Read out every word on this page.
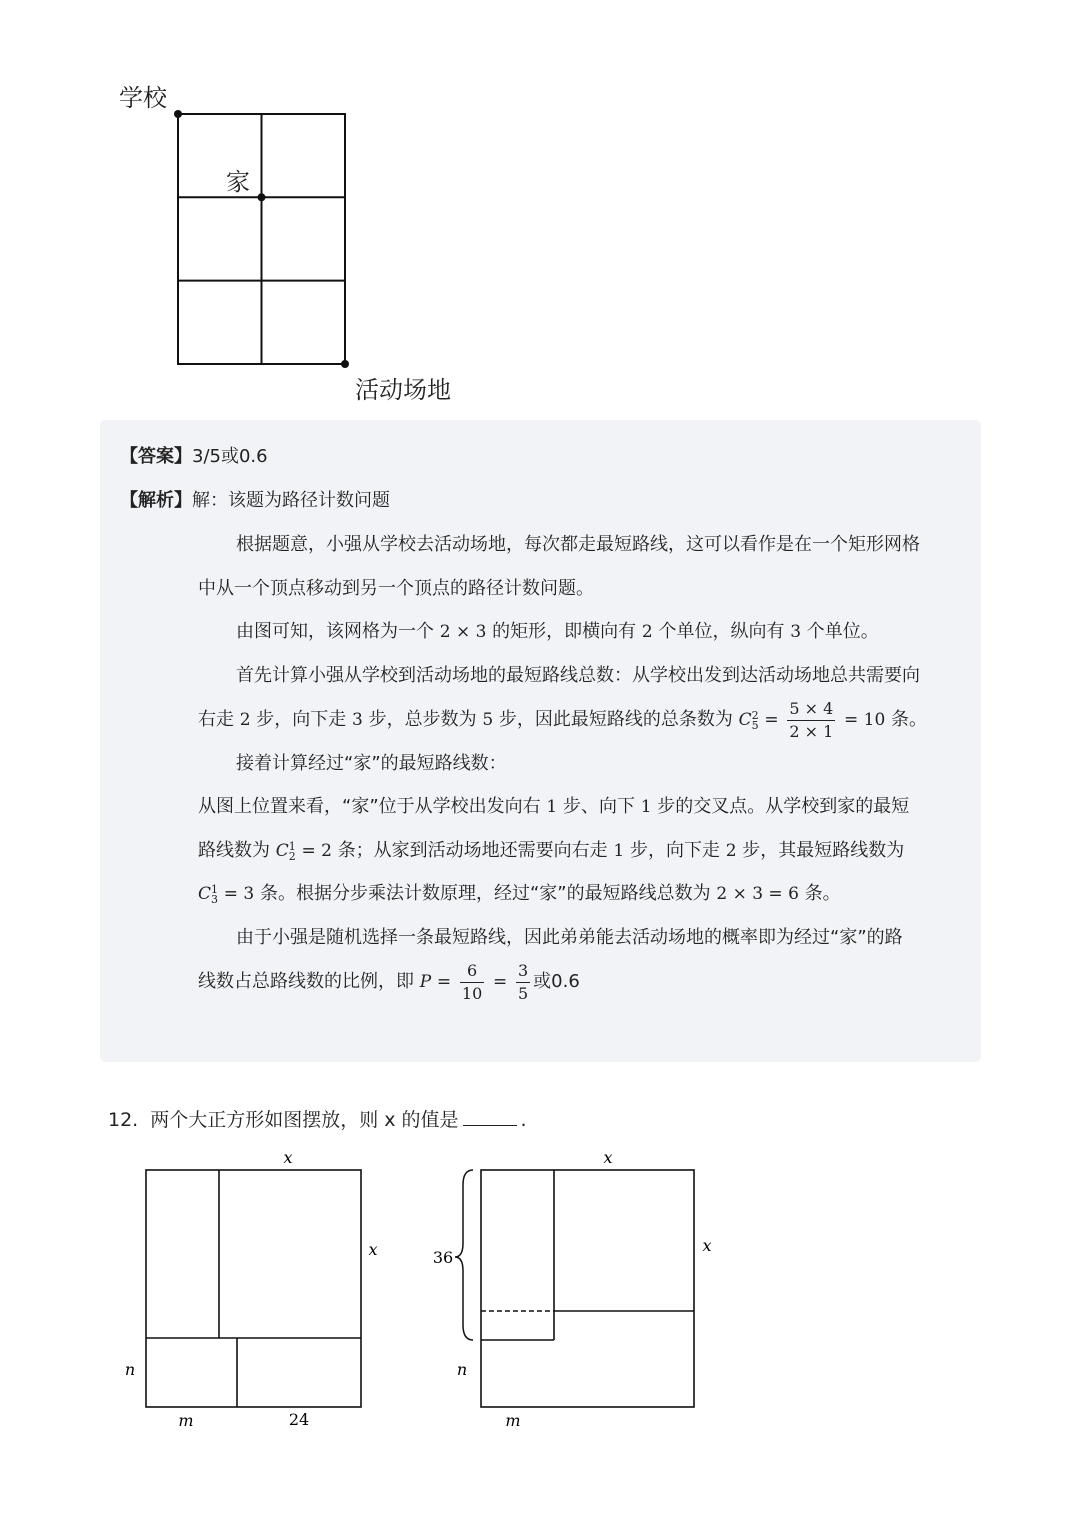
学校
家
活动场地
【答案】3/5或0.6
【解析】解：该题为路径计数问题
根据题意，小强从学校去活动场地，每次都走最短路线，这可以看作是在一个矩形网格
中从一个顶点移动到另一个顶点的路径计数问题。
由图可知，该网格为一个 2 × 3 的矩形，即横向有 2 个单位，纵向有 3 个单位。
首先计算小强从学校到活动场地的最短路线总数：从学校出发到达活动场地总共需要向
右走 2 步，向下走 3 步，总步数为 5 步，因此最短路线的总条数为 C 2
$5 = \frac{5 \times 4}{2 \times 1} = 10$ 条。
接着计算经过“家”的最短路线数：
从图上位置来看，“家”位于从学校出发向右 1 步、向下 1 步的交叉点。从学校到家的最短
路线数为 C 1
2 = 2 条；从家到活动场地还需要向右走 1 步，向下走 2 步，其最短路线数为
C 1
3 = 3 条。根据分步乘法计数原理，经过“家”的最短路线总数为 2 × 3 = 6 条。
由于小强是随机选择一条最短路线，因此弟弟能去活动场地的概率即为经过“家”的路
线数占总路线数的比例，即 $P = \frac{6}{10} = \frac{3}{5}$ 或0.6
12. 两个大正方形如图摆放，则 x 的值是	.
x
x
n
m	24
36
x
x
n
m
